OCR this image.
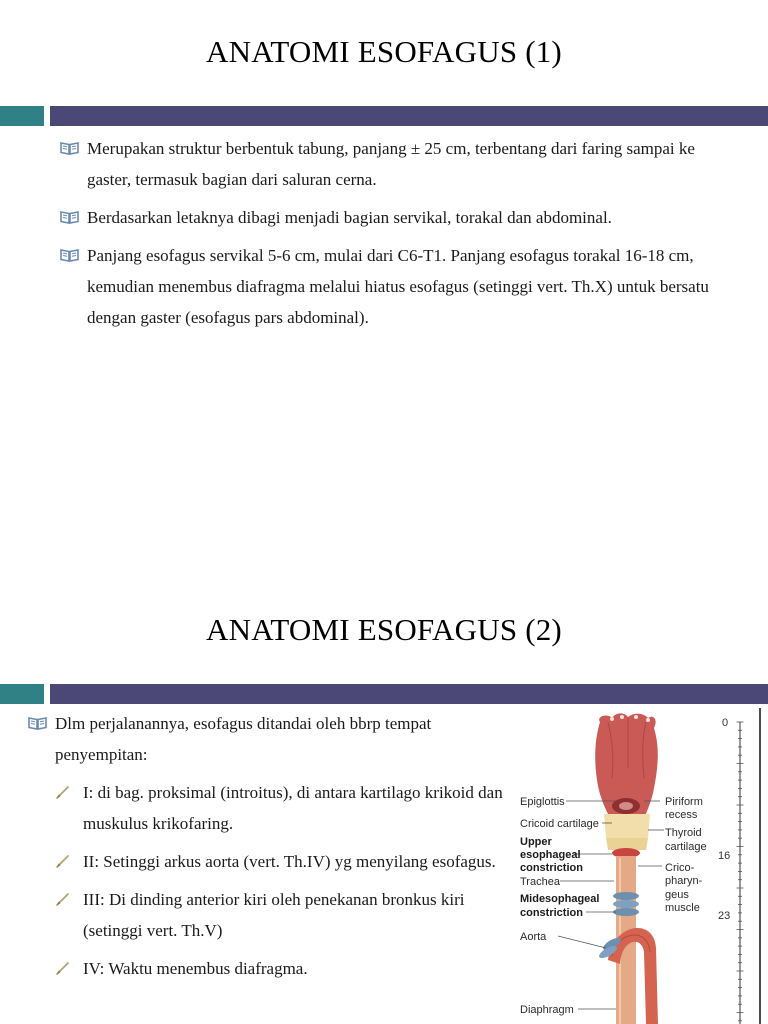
ANATOMI ESOFAGUS (1)
Merupakan struktur berbentuk tabung, panjang ± 25 cm, terbentang dari faring sampai ke gaster, termasuk bagian dari saluran cerna.
Berdasarkan letaknya dibagi menjadi bagian servikal, torakal dan abdominal.
Panjang esofagus servikal 5-6 cm, mulai dari C6-T1. Panjang esofagus torakal 16-18 cm, kemudian menembus diafragma melalui hiatus esofagus (setinggi vert. Th.X) untuk bersatu dengan gaster (esofagus pars abdominal).
ANATOMI ESOFAGUS (2)
Dlm perjalanannya, esofagus ditandai oleh bbrp tempat penyempitan:
I: di bag. proksimal (introitus), di antara kartilago krikoid dan muskulus krikofaring.
II: Setinggi arkus aorta (vert. Th.IV) yg menyilang esofagus.
III: Di dinding anterior kiri oleh penekanan bronkus kiri (setinggi vert. Th.V)
IV: Waktu menembus diafragma.
Epiglottis
Cricoid cartilage
Upper
esophageal
constriction
Trachea
Midesophageal
constriction
Aorta
Diaphragm
Piriform
recess
Thyroid
cartilage
Crico-
pharyn-
geus
muscle
0
16
23
